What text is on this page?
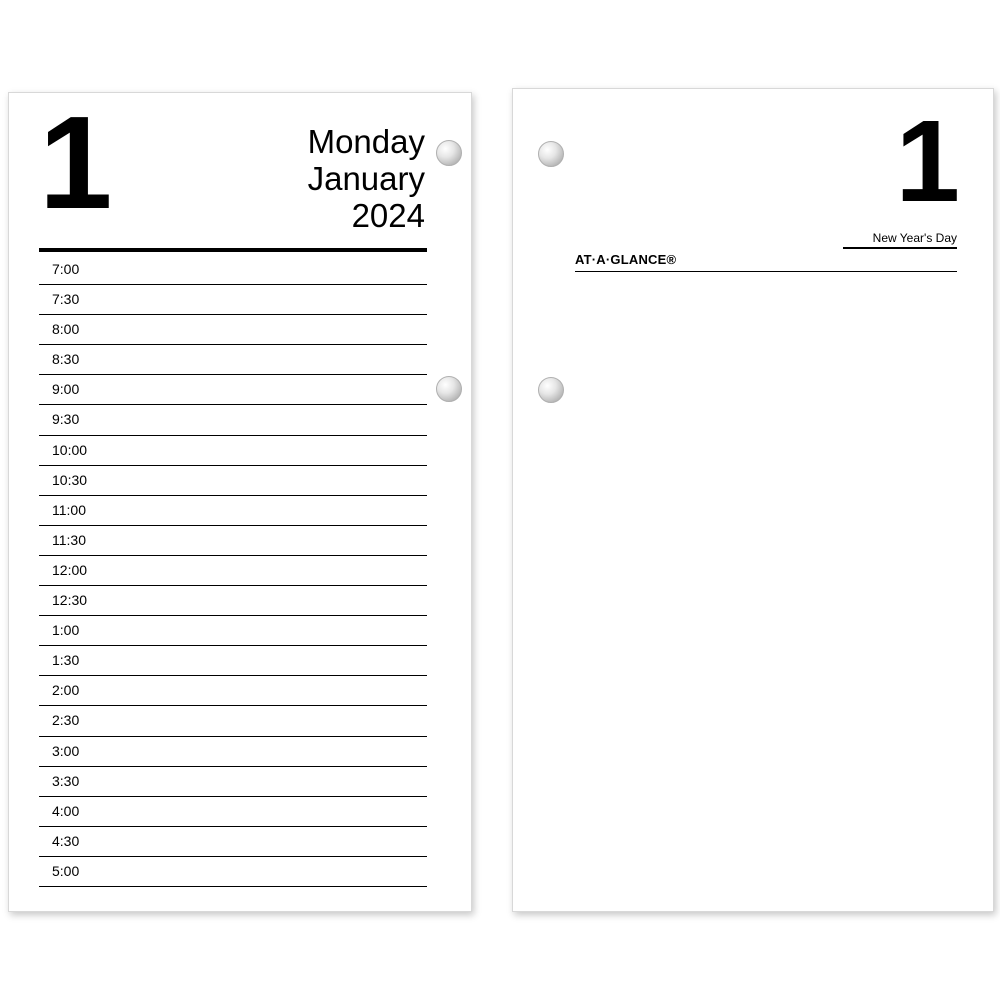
1	Monday
January
2024
7:00
7:30
8:00
8:30
9:00
9:30
10:00
10:30
11:00
11:30
12:00
12:30
1:00
1:30
2:00
2:30
3:00
3:30
4:00
4:30
5:00
1
New Year's Day
AT·A·GLANCE®
